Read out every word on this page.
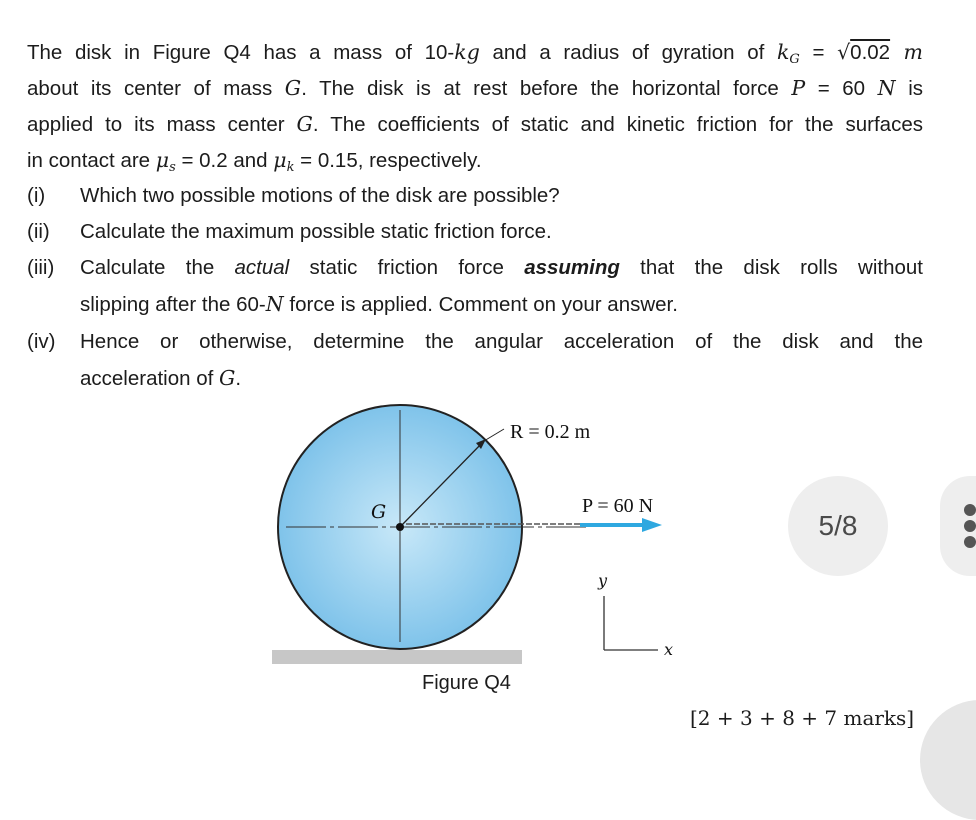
The disk in Figure Q4 has a mass of 10-kg and a radius of gyration of $k_G = √0.02$ m
about its center of mass G. The disk is at rest before the horizontal force P = 60 N is
applied to its mass center G. The coefficients of static and kinetic friction for the surfaces
in contact are $\mu_s = 0.2$ and $\mu_k = 0.15$, respectively.
(i)	Which two possible motions of the disk are possible?
(ii)	Calculate the maximum possible static friction force.
(iii)	Calculate the actual static friction force assuming that the disk rolls without
slipping after the 60-N force is applied. Comment on your answer.
(iv)	Hence or otherwise, determine the angular acceleration of the disk and the
acceleration of G.
R = 0.2 m
G	P = 60 N
y
x
Figure Q4
[2 + 3 + 8 + 7 marks]
5/8
